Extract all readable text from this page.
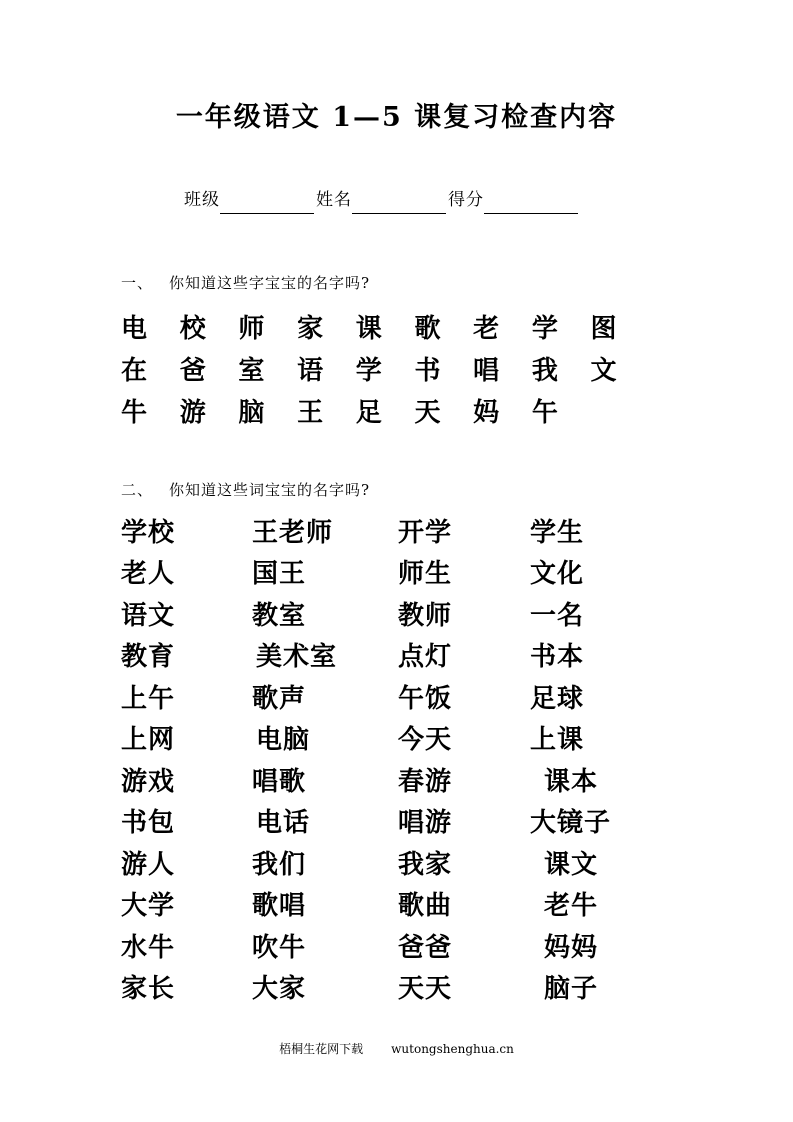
一年级语文 1—5 课复习检查内容
班级	姓名	得分
一、 你知道这些字宝宝的名字吗?
电	校	师	家	课	歌	老	学	图
在	爸	室	语	学	书	唱	我	文
牛	游	脑	王	足	天	妈	午
二、 你知道这些词宝宝的名字吗?
学校	王老师	开学	学生
老人	国王	师生	文化
语文	教室	教师	一名
教育	美术室	点灯	书本
上午	歌声	午饭	足球
上网	电脑	今天	上课
游戏	唱歌	春游	课本
书包	电话	唱游	大镜子
游人	我们	我家	课文
大学	歌唱	歌曲	老牛
水牛	吹牛	爸爸	妈妈
家长	大家	天天	脑子
梧桐生花网下载 wutongshenghua.cn
